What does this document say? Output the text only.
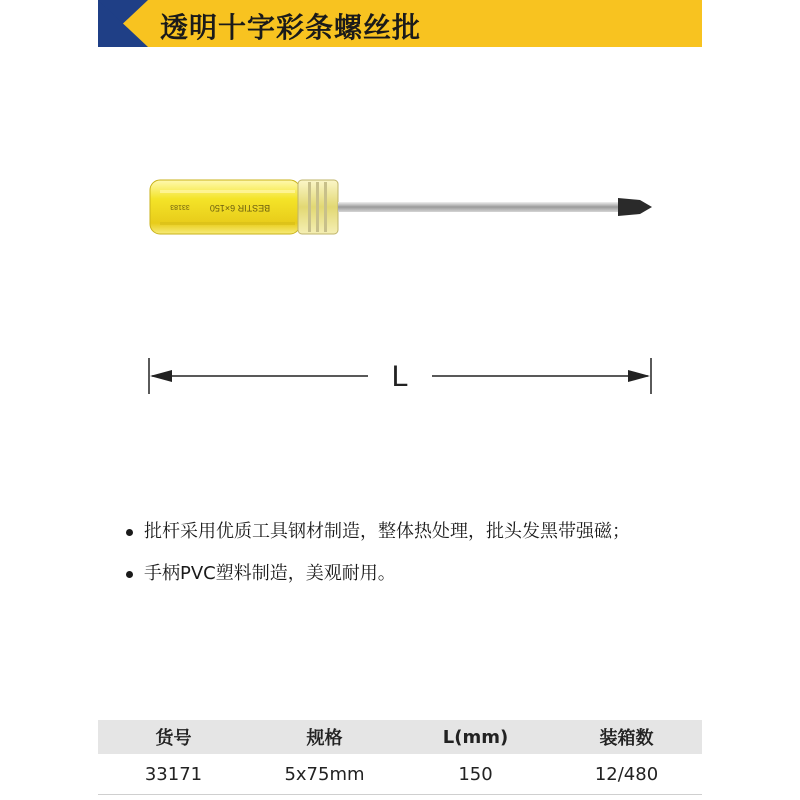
透明十字彩条螺丝批
BESTIR 6×150
33183
L
批杆采用优质工具钢材制造，整体热处理，批头发黑带强磁；
手柄PVC塑料制造，美观耐用。
货号	规格	L(mm)	装箱数
33171	5x75mm	150	12/480
